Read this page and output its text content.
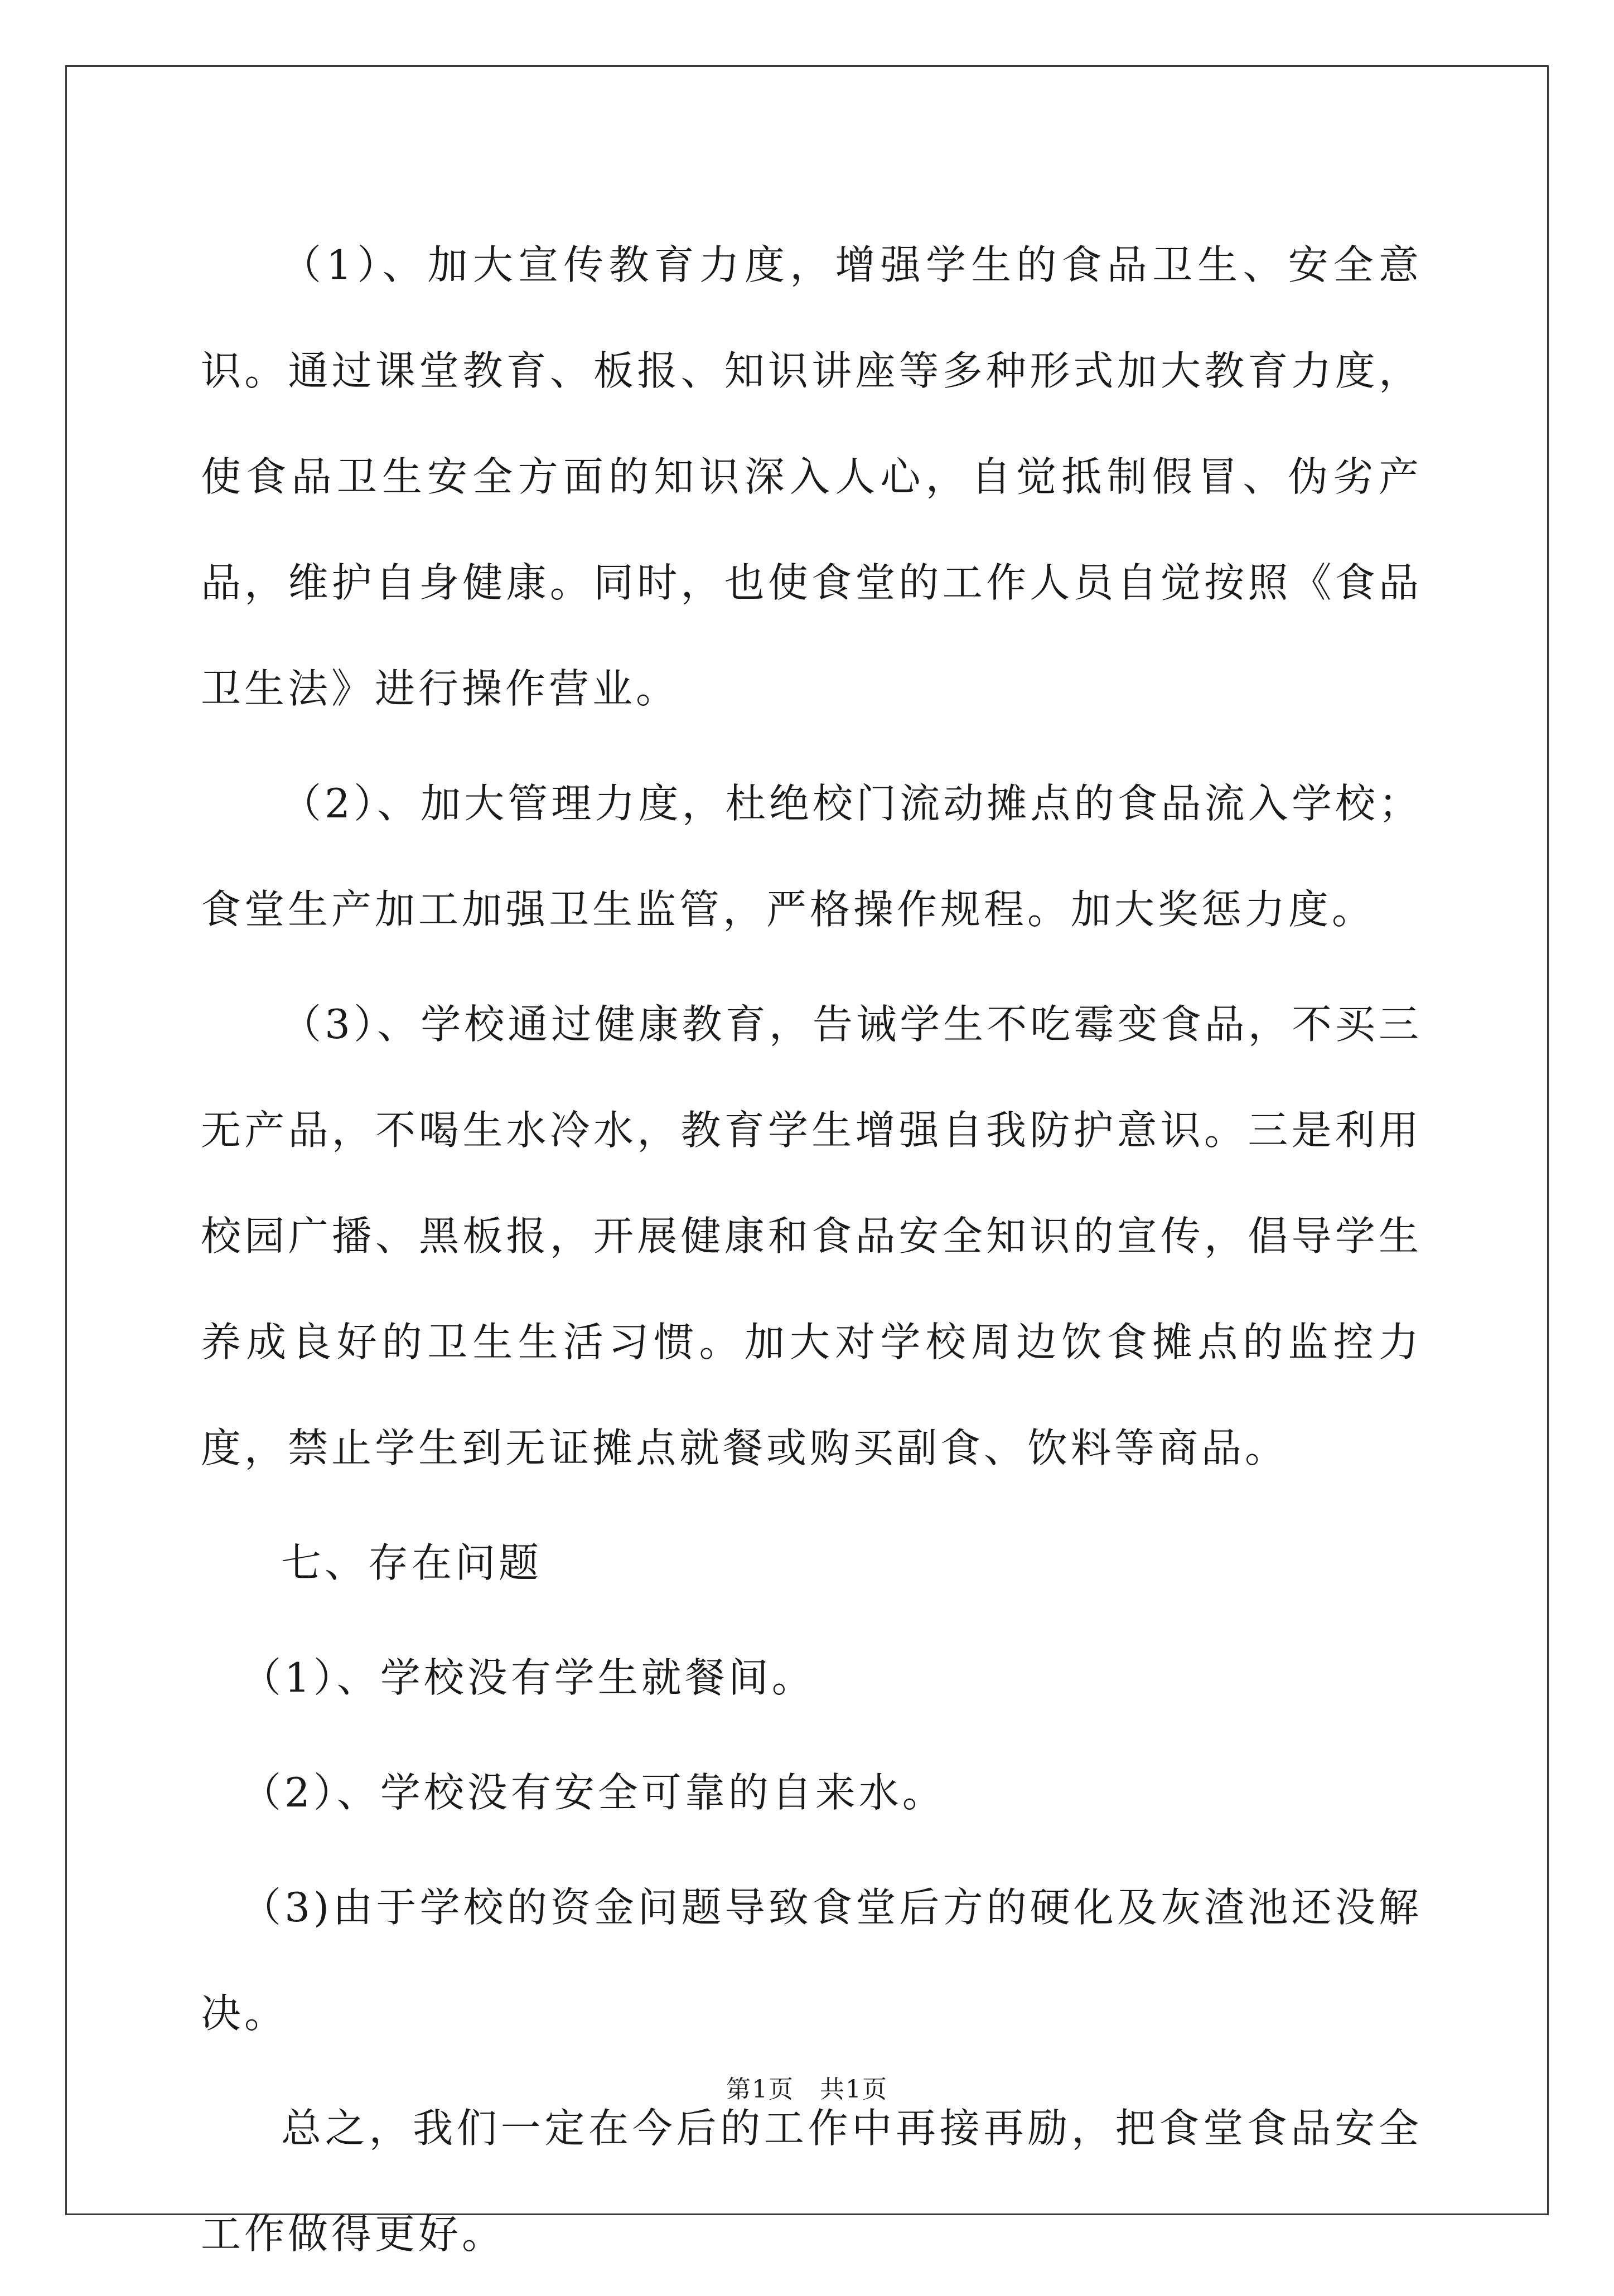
（1）、加大宣传教育力度，增强学生的食品卫生、安全意识。通过课堂教育、板报、知识讲座等多种形式加大教育力度，使食品卫生安全方面的知识深入人心，自觉抵制假冒、伪劣产品，维护自身健康。同时，也使食堂的工作人员自觉按照《食品卫生法》进行操作营业。

（2）、加大管理力度，杜绝校门流动摊点的食品流入学校；食堂生产加工加强卫生监管，严格操作规程。加大奖惩力度。

（3）、学校通过健康教育，告诫学生不吃霉变食品，不买三无产品，不喝生水冷水，教育学生增强自我防护意识。三是利用校园广播、黑板报，开展健康和食品安全知识的宣传，倡导学生养成良好的卫生生活习惯。加大对学校周边饮食摊点的监控力度，禁止学生到无证摊点就餐或购买副食、饮料等商品。

七、存在问题

（1）、学校没有学生就餐间。

（2）、学校没有安全可靠的自来水。

（3)由于学校的资金问题导致食堂后方的硬化及灰渣池还没解决。

总之，我们一定在今后的工作中再接再励，把食堂食品安全工作做得更好。

第1页　共1页
